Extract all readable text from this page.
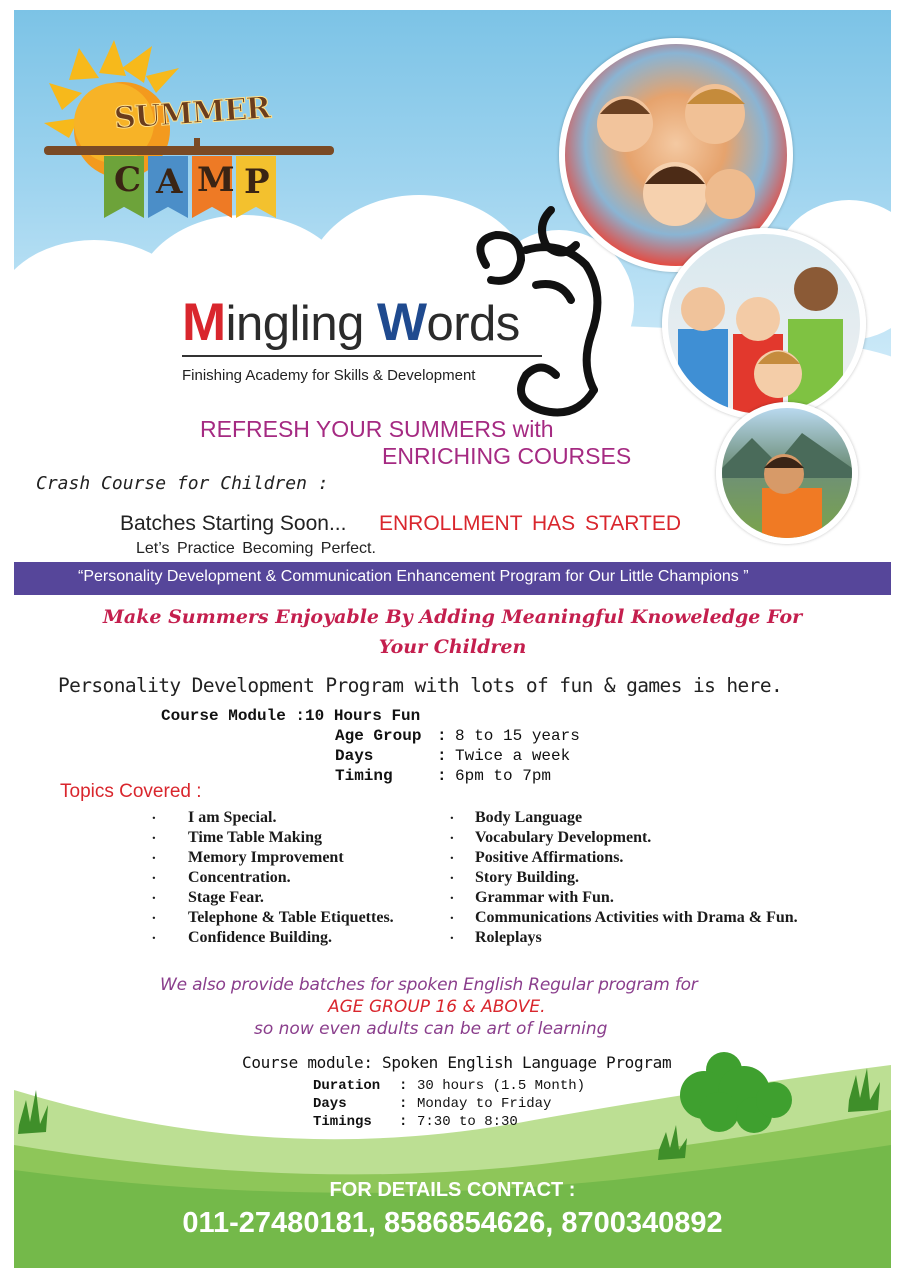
SUMMER
C A M P
Mingling Words
Finishing Academy for Skills & Development
REFRESH YOUR SUMMERS with
ENRICHING COURSES
Crash Course for Children :
Batches Starting Soon... ENROLLMENT HAS STARTED
Let’s Practice Becoming Perfect.
“Personality Development & Communication Enhancement Program for Our Little Champions ”
Make Summers Enjoyable By Adding Meaningful Knoweledge For
Your Children
Personality Development Program with lots of fun & games is here.
Course Module :10 Hours Fun
Age Group : 8 to 15 years
Days	: Twice a week
Timing	: 6pm to 7pm
Topics Covered :
. I am Special.
. Time Table Making
. Memory Improvement
. Concentration.
. Stage Fear.
. Telephone & Table Etiquettes.
. Confidence Building.
. Body Language
. Vocabulary Development.
. Positive Affirmations.
. Story Building.
. Grammar with Fun.
. Communications Activities with Drama & Fun.
. Roleplays
We also provide batches for spoken English Regular program for
AGE GROUP 16 & ABOVE.
so now even adults can be art of learning
Course module: Spoken English Language Program
Duration : 30 hours (1.5 Month)
Days	: Monday to Friday
Timings : 7:30 to 8:30
FOR DETAILS CONTACT :
011-27480181, 8586854626, 8700340892
